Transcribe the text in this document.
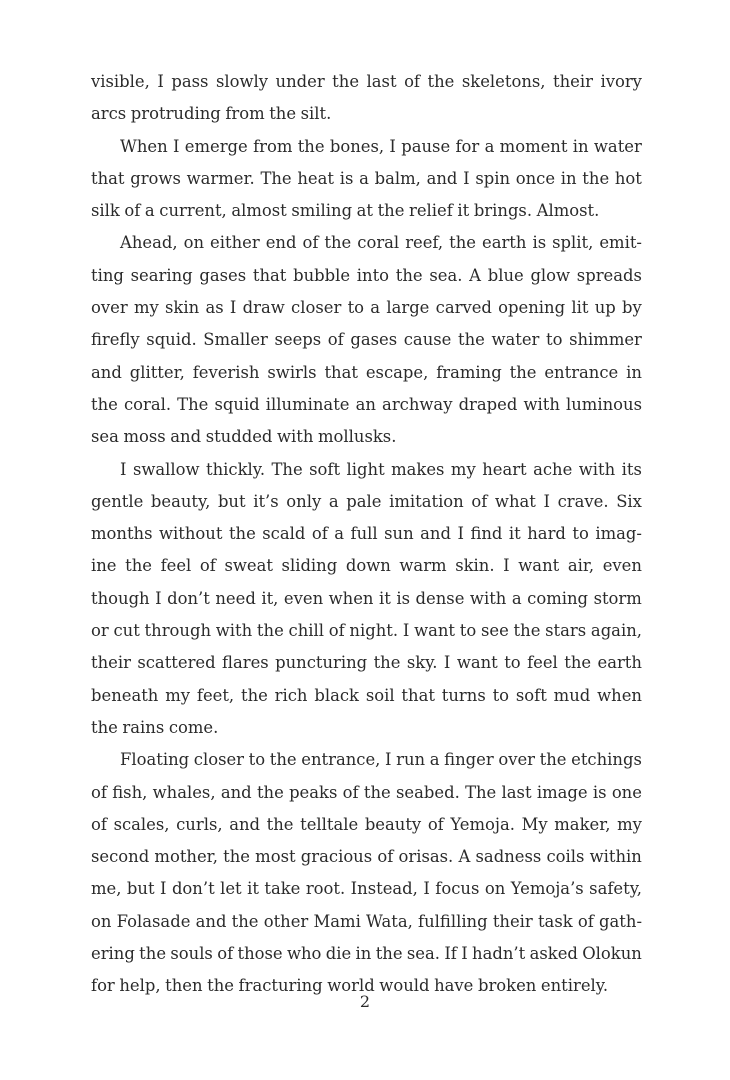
visible, I pass slowly under the last of the skeletons, their ivory
arcs protruding from the silt.
When I emerge from the bones, I pause for a moment in water
that grows warmer. The heat is a balm, and I spin once in the hot
silk of a current, almost smiling at the relief it brings. Almost.
Ahead, on either end of the coral reef, the earth is split, emit-
ting searing gases that bubble into the sea. A blue glow spreads
over my skin as I draw closer to a large carved opening lit up by
firefly squid. Smaller seeps of gases cause the water to shimmer
and glitter, feverish swirls that escape, framing the entrance in
the coral. The squid illuminate an archway draped with luminous
sea moss and studded with mollusks.
I swallow thickly. The soft light makes my heart ache with its
gentle beauty, but it’s only a pale imitation of what I crave. Six
months without the scald of a full sun and I find it hard to imag-
ine the feel of sweat sliding down warm skin. I want air, even
though I don’t need it, even when it is dense with a coming storm
or cut through with the chill of night. I want to see the stars again,
their scattered flares puncturing the sky. I want to feel the earth
beneath my feet, the rich black soil that turns to soft mud when
the rains come.
Floating closer to the entrance, I run a finger over the etchings
of fish, whales, and the peaks of the seabed. The last image is one
of scales, curls, and the telltale beauty of Yemoja. My maker, my
second mother, the most gracious of orisas. A sadness coils within
me, but I don’t let it take root. Instead, I focus on Yemoja’s safety,
on Folasade and the other Mami Wata, fulfilling their task of gath-
ering the souls of those who die in the sea. If I hadn’t asked Olokun
for help, then the fracturing world would have broken entirely.
2
